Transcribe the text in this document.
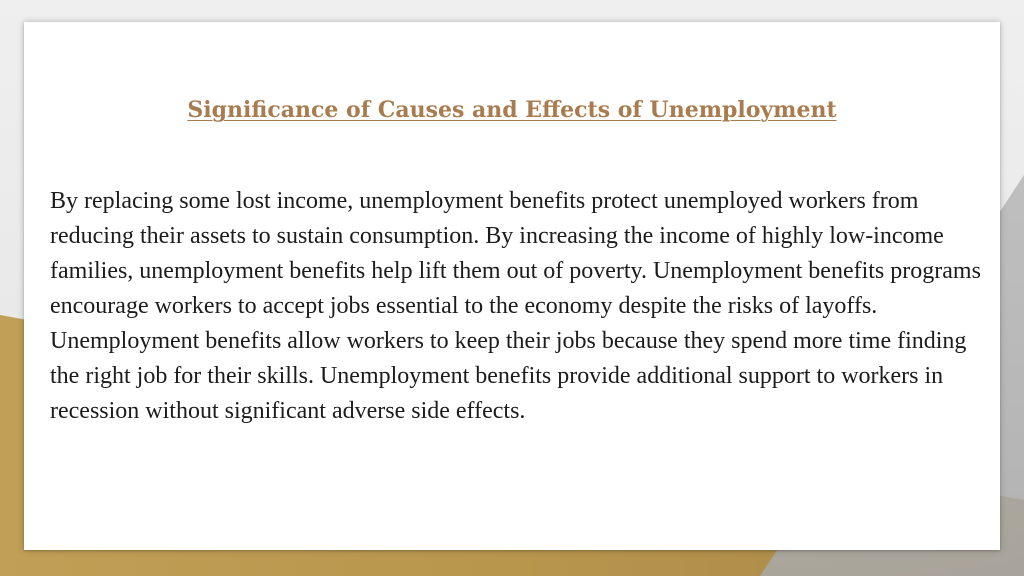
Significance of Causes and Effects of Unemployment

By replacing some lost income, unemployment benefits protect unemployed workers from reducing their assets to sustain consumption. By increasing the income of highly low-income families, unemployment benefits help lift them out of poverty. Unemployment benefits programs encourage workers to accept jobs essential to the economy despite the risks of layoffs. Unemployment benefits allow workers to keep their jobs because they spend more time finding the right job for their skills. Unemployment benefits provide additional support to workers in recession without significant adverse side effects.
